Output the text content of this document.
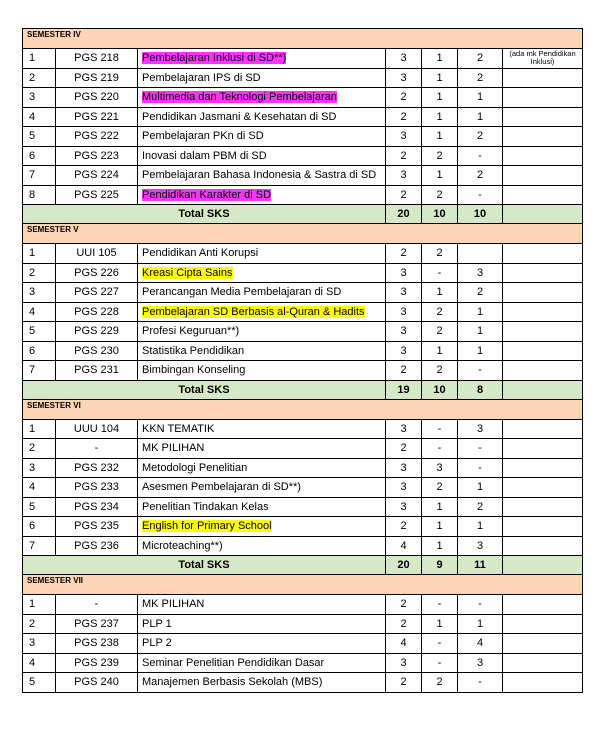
SEMESTER IV						
1	PGS 218	Pembelajaran Inklusi di SD**)	3	1	2	(ada mk Pendidikan Inklusi)
2	PGS 219	Pembelajaran IPS di SD	3	1	2	
3	PGS 220	Multimedia dan Teknologi Pembelajaran	2	1	1	
4	PGS 221	Pendidikan Jasmani & Kesehatan di SD	2	1	1	
5	PGS 222	Pembelajaran PKn di SD	3	1	2	
6	PGS 223	Inovasi dalam PBM di SD	2	2	-	
7	PGS 224	Pembelajaran Bahasa Indonesia & Sastra di SD	3	1	2	
8	PGS 225	Pendidikan Karakter di SD	2	2	-	
Total SKS			20	10	10	
SEMESTER V						
1	UUI 105	Pendidikan Anti Korupsi	2	2		
2	PGS 226	Kreasi Cipta Sains	3	-	3	
3	PGS 227	Perancangan Media Pembelajaran di SD	3	1	2	
4	PGS 228	Pembelajaran SD Berbasis al-Quran & Hadits	3	2	1	
5	PGS 229	Profesi Keguruan**)	3	2	1	
6	PGS 230	Statistika Pendidikan	3	1	1	
7	PGS 231	Bimbingan Konseling	2	2	-	
Total SKS			19	10	8	
SEMESTER VI						
1	UUU 104	KKN TEMATIK	3	-	3	
2	-	MK PILIHAN	2	-	-	
3	PGS 232	Metodologi Penelitian	3	3	-	
4	PGS 233	Asesmen Pembelajaran di SD**)	3	2	1	
5	PGS 234	Penelitian Tindakan Kelas	3	1	2	
6	PGS 235	English for Primary School	2	1	1	
7	PGS 236	Microteaching**)	4	1	3	
Total SKS			20	9	11	
SEMESTER VII						
1	-	MK PILIHAN	2	-	-	
2	PGS 237	PLP 1	2	1	1	
3	PGS 238	PLP 2	4	-	4	
4	PGS 239	Seminar Penelitian Pendidikan Dasar	3	-	3	
5	PGS 240	Manajemen Berbasis Sekolah (MBS)	2	2	-	
